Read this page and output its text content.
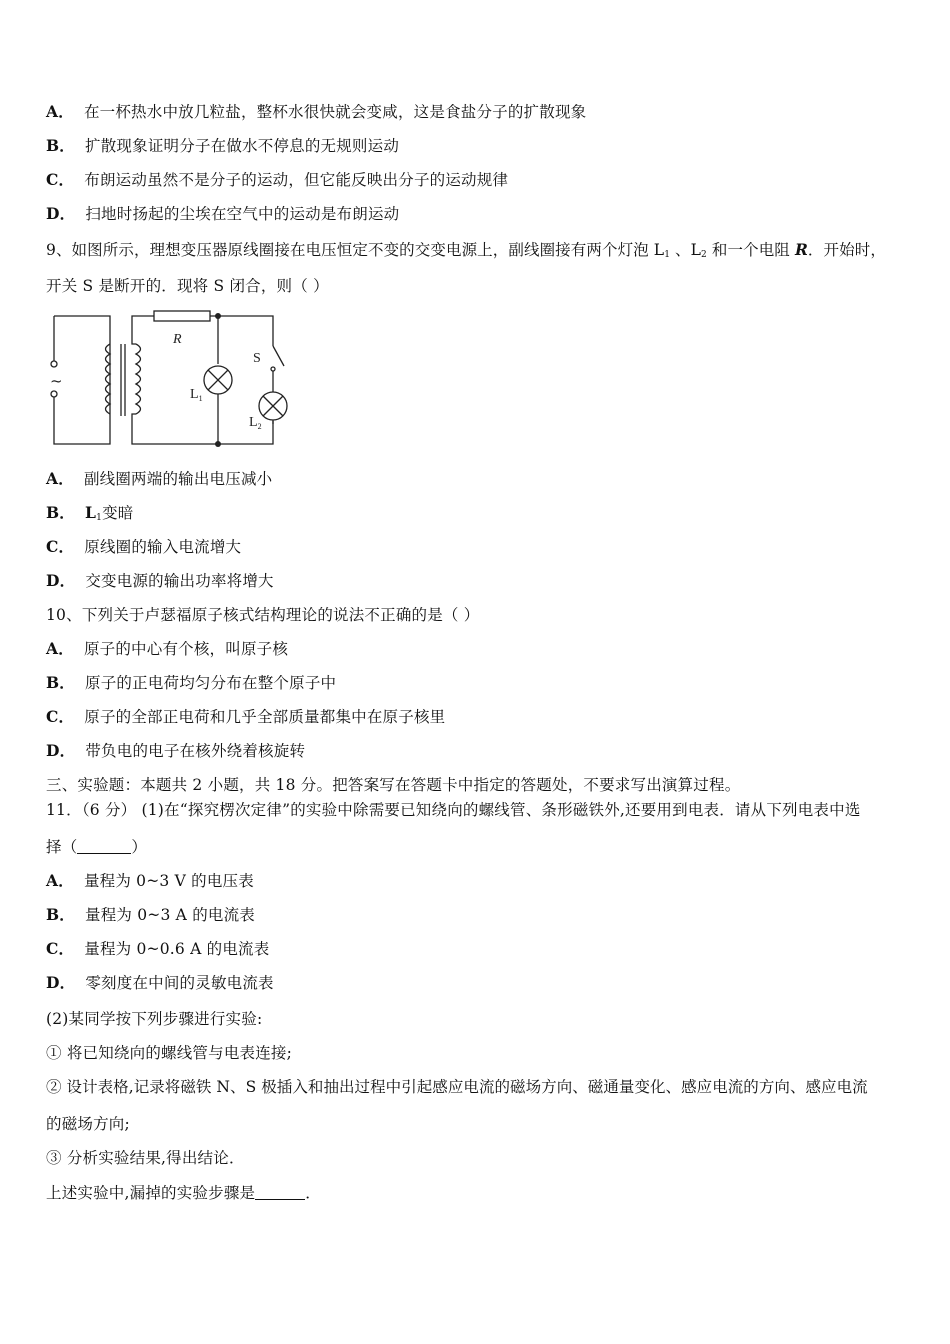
A． 在一杯热水中放几粒盐，整杯水很快就会变咸，这是食盐分子的扩散现象
B． 扩散现象证明分子在做水不停息的无规则运动
C． 布朗运动虽然不是分子的运动，但它能反映出分子的运动规律
D． 扫地时扬起的尘埃在空气中的运动是布朗运动
9、如图所示，理想变压器原线圈接在电压恒定不变的交变电源上，副线圈接有两个灯泡 $L_1$ 、$L_2$ 和一个电阻 R．开始时，
开关 S 是断开的．现将 S 闭合，则（ ）
~
R
S
$L_1$
$L_2$
A． 副线圈两端的输出电压减小
B． $L_1$变暗
C． 原线圈的输入电流增大
D． 交变电源的输出功率将增大
10、下列关于卢瑟福原子核式结构理论的说法不正确的是（ ）
A． 原子的中心有个核，叫原子核
B． 原子的正电荷均匀分布在整个原子中
C． 原子的全部正电荷和几乎全部质量都集中在原子核里
D． 带负电的电子在核外绕着核旋转
三、实验题：本题共 2 小题，共 18 分。把答案写在答题卡中指定的答题处，不要求写出演算过程。
11．（6 分） (1)在“探究楞次定律”的实验中除需要已知绕向的螺线管、条形磁铁外,还要用到电表．请从下列电表中选
择（	）
A． 量程为 0~3 V 的电压表
B． 量程为 0~3 A 的电流表
C． 量程为 0~0.6 A 的电流表
D． 零刻度在中间的灵敏电流表
(2)某同学按下列步骤进行实验:
① 将已知绕向的螺线管与电表连接;
② 设计表格,记录将磁铁 N、S 极插入和抽出过程中引起感应电流的磁场方向、磁通量变化、感应电流的方向、感应电流
的磁场方向;
③ 分析实验结果,得出结论．
上述实验中,漏掉的实验步骤是	．
